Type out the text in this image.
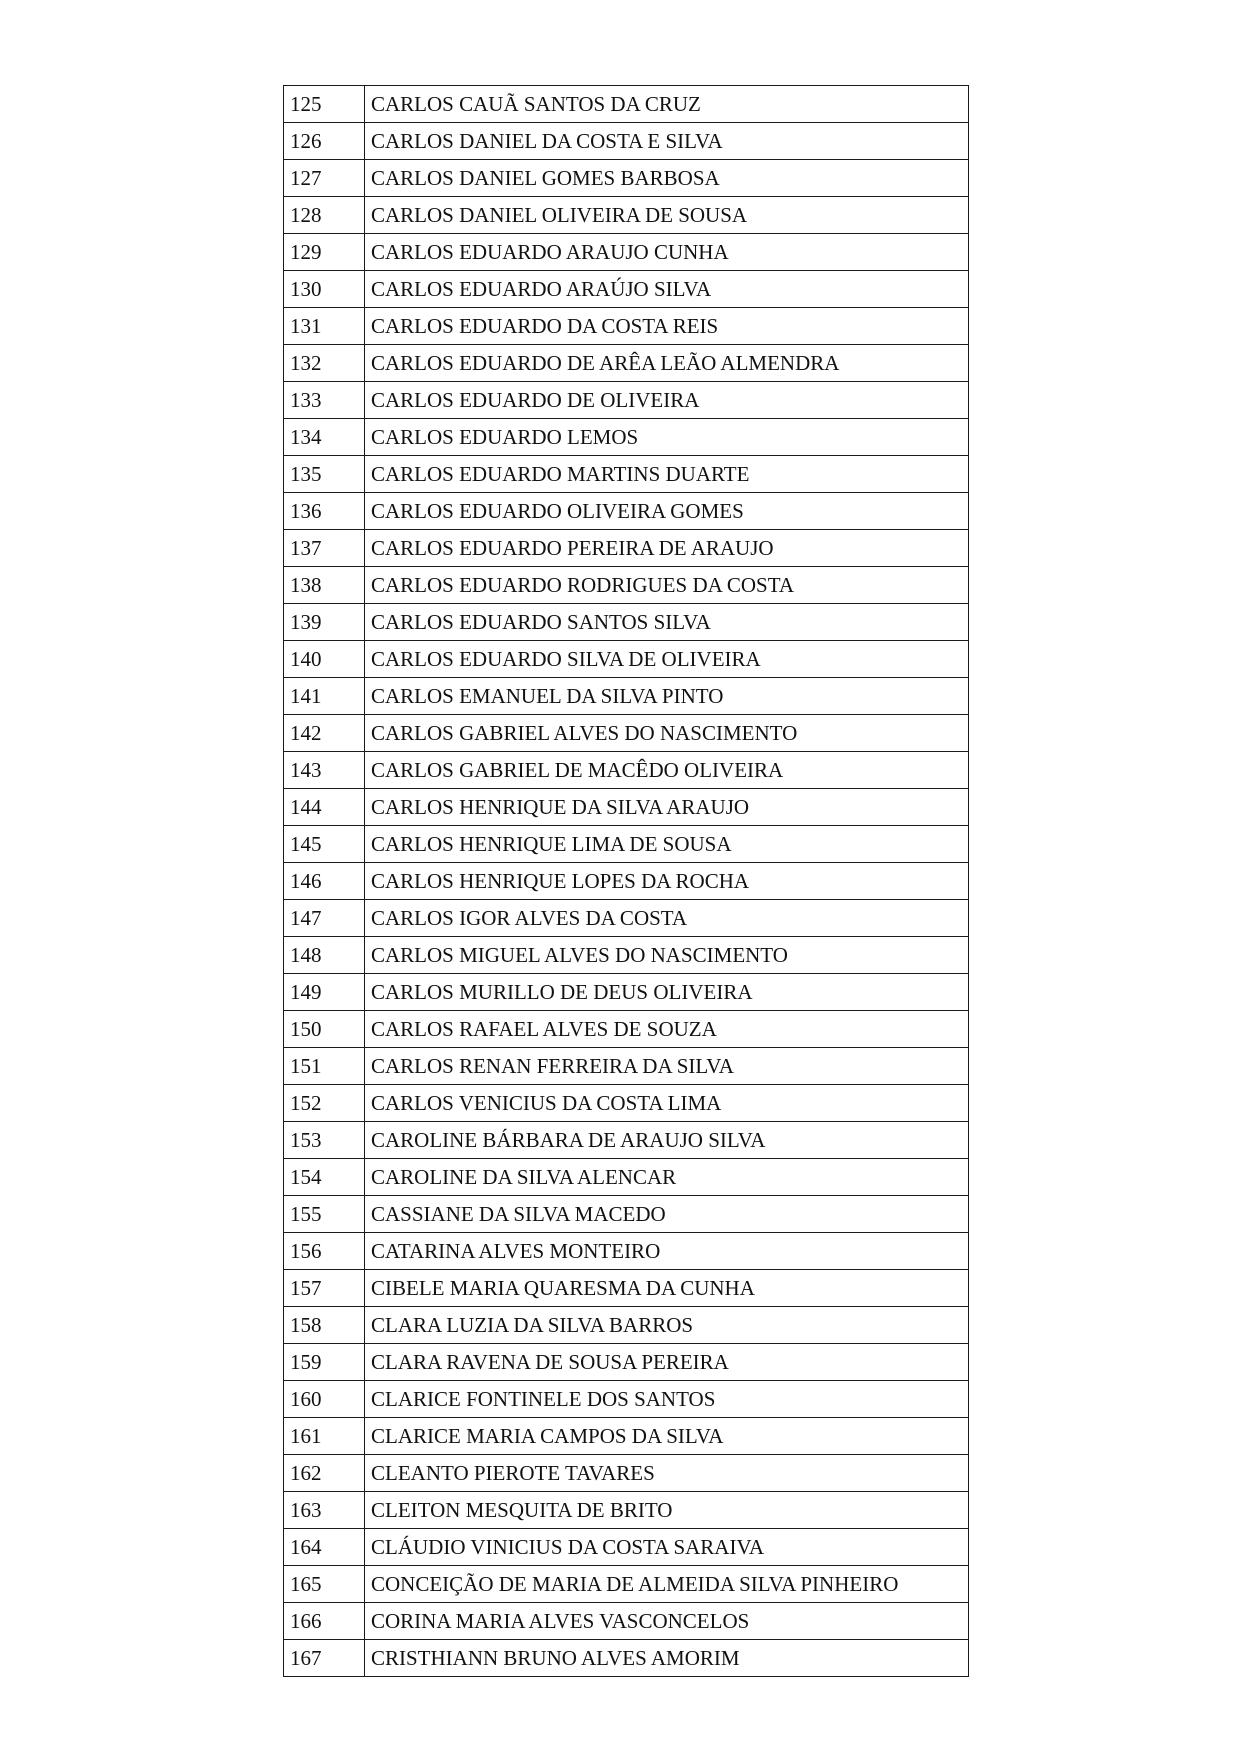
125	CARLOS CAUÃ SANTOS DA CRUZ
126	CARLOS DANIEL DA COSTA E SILVA
127	CARLOS DANIEL GOMES BARBOSA
128	CARLOS DANIEL OLIVEIRA DE SOUSA
129	CARLOS EDUARDO ARAUJO CUNHA
130	CARLOS EDUARDO ARAÚJO SILVA
131	CARLOS EDUARDO DA COSTA REIS
132	CARLOS EDUARDO DE ARÊA LEÃO ALMENDRA
133	CARLOS EDUARDO DE OLIVEIRA
134	CARLOS EDUARDO LEMOS
135	CARLOS EDUARDO MARTINS DUARTE
136	CARLOS EDUARDO OLIVEIRA GOMES
137	CARLOS EDUARDO PEREIRA DE ARAUJO
138	CARLOS EDUARDO RODRIGUES DA COSTA
139	CARLOS EDUARDO SANTOS SILVA
140	CARLOS EDUARDO SILVA DE OLIVEIRA
141	CARLOS EMANUEL DA SILVA PINTO
142	CARLOS GABRIEL ALVES DO NASCIMENTO
143	CARLOS GABRIEL DE MACÊDO OLIVEIRA
144	CARLOS HENRIQUE DA SILVA ARAUJO
145	CARLOS HENRIQUE LIMA DE SOUSA
146	CARLOS HENRIQUE LOPES DA ROCHA
147	CARLOS IGOR ALVES DA COSTA
148	CARLOS MIGUEL ALVES DO NASCIMENTO
149	CARLOS MURILLO DE DEUS OLIVEIRA
150	CARLOS RAFAEL ALVES DE SOUZA
151	CARLOS RENAN FERREIRA DA SILVA
152	CARLOS VENICIUS DA COSTA LIMA
153	CAROLINE BÁRBARA DE ARAUJO SILVA
154	CAROLINE DA SILVA ALENCAR
155	CASSIANE DA SILVA MACEDO
156	CATARINA ALVES MONTEIRO
157	CIBELE MARIA QUARESMA DA CUNHA
158	CLARA LUZIA DA SILVA BARROS
159	CLARA RAVENA DE SOUSA PEREIRA
160	CLARICE FONTINELE DOS SANTOS
161	CLARICE MARIA CAMPOS DA SILVA
162	CLEANTO PIEROTE TAVARES
163	CLEITON MESQUITA DE BRITO
164	CLÁUDIO VINICIUS DA COSTA SARAIVA
165	CONCEIÇÃO DE MARIA DE ALMEIDA SILVA PINHEIRO
166	CORINA MARIA ALVES VASCONCELOS
167	CRISTHIANN BRUNO ALVES AMORIM
